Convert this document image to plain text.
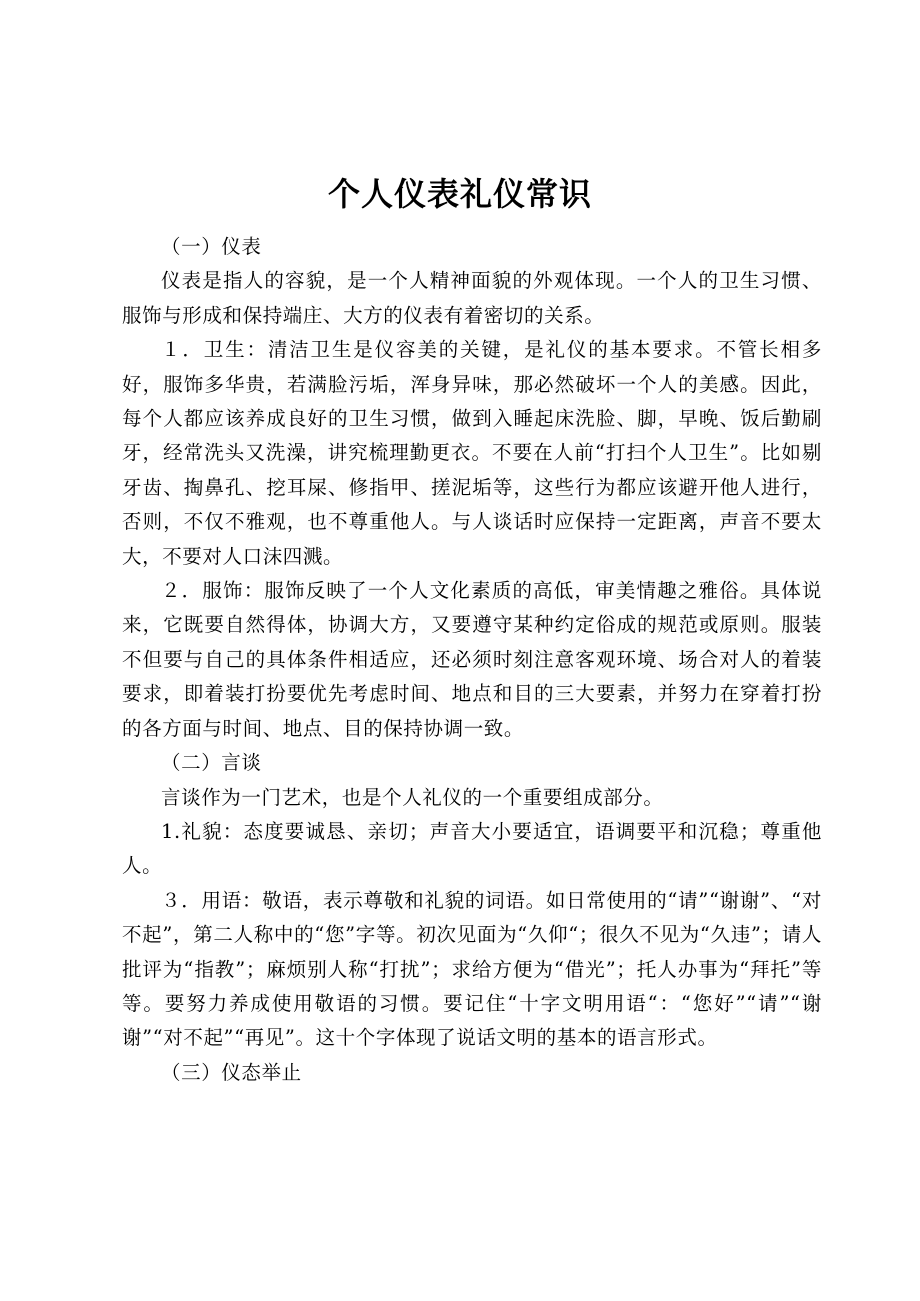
个人仪表礼仪常识

（一）仪表

仪表是指人的容貌，是一个人精神面貌的外观体现。一个人的卫生习惯、服饰与形成和保持端庄、大方的仪表有着密切的关系。

１．卫生：清洁卫生是仪容美的关键，是礼仪的基本要求。不管长相多好，服饰多华贵，若满脸污垢，浑身异味，那必然破坏一个人的美感。因此，每个人都应该养成良好的卫生习惯，做到入睡起床洗脸、脚，早晚、饭后勤刷牙，经常洗头又洗澡，讲究梳理勤更衣。不要在人前“打扫个人卫生”。比如剔牙齿、掏鼻孔、挖耳屎、修指甲、搓泥垢等，这些行为都应该避开他人进行，否则，不仅不雅观，也不尊重他人。与人谈话时应保持一定距离，声音不要太大，不要对人口沫四溅。

２．服饰：服饰反映了一个人文化素质的高低，审美情趣之雅俗。具体说来，它既要自然得体，协调大方，又要遵守某种约定俗成的规范或原则。服装不但要与自己的具体条件相适应，还必须时刻注意客观环境、场合对人的着装要求，即着装打扮要优先考虑时间、地点和目的三大要素，并努力在穿着打扮的各方面与时间、地点、目的保持协调一致。

（二）言谈

言谈作为一门艺术，也是个人礼仪的一个重要组成部分。

1.礼貌：态度要诚恳、亲切；声音大小要适宜，语调要平和沉稳；尊重他人。

３．用语：敬语，表示尊敬和礼貌的词语。如日常使用的“请”“谢谢”、“对不起”，第二人称中的“您”字等。初次见面为“久仰“；很久不见为“久违”；请人批评为“指教”；麻烦别人称“打扰”；求给方便为“借光”；托人办事为“拜托”等等。要努力养成使用敬语的习惯。要记住“十字文明用语“：“您好”“请”“谢谢”“对不起”“再见”。这十个字体现了说话文明的基本的语言形式。

（三）仪态举止
